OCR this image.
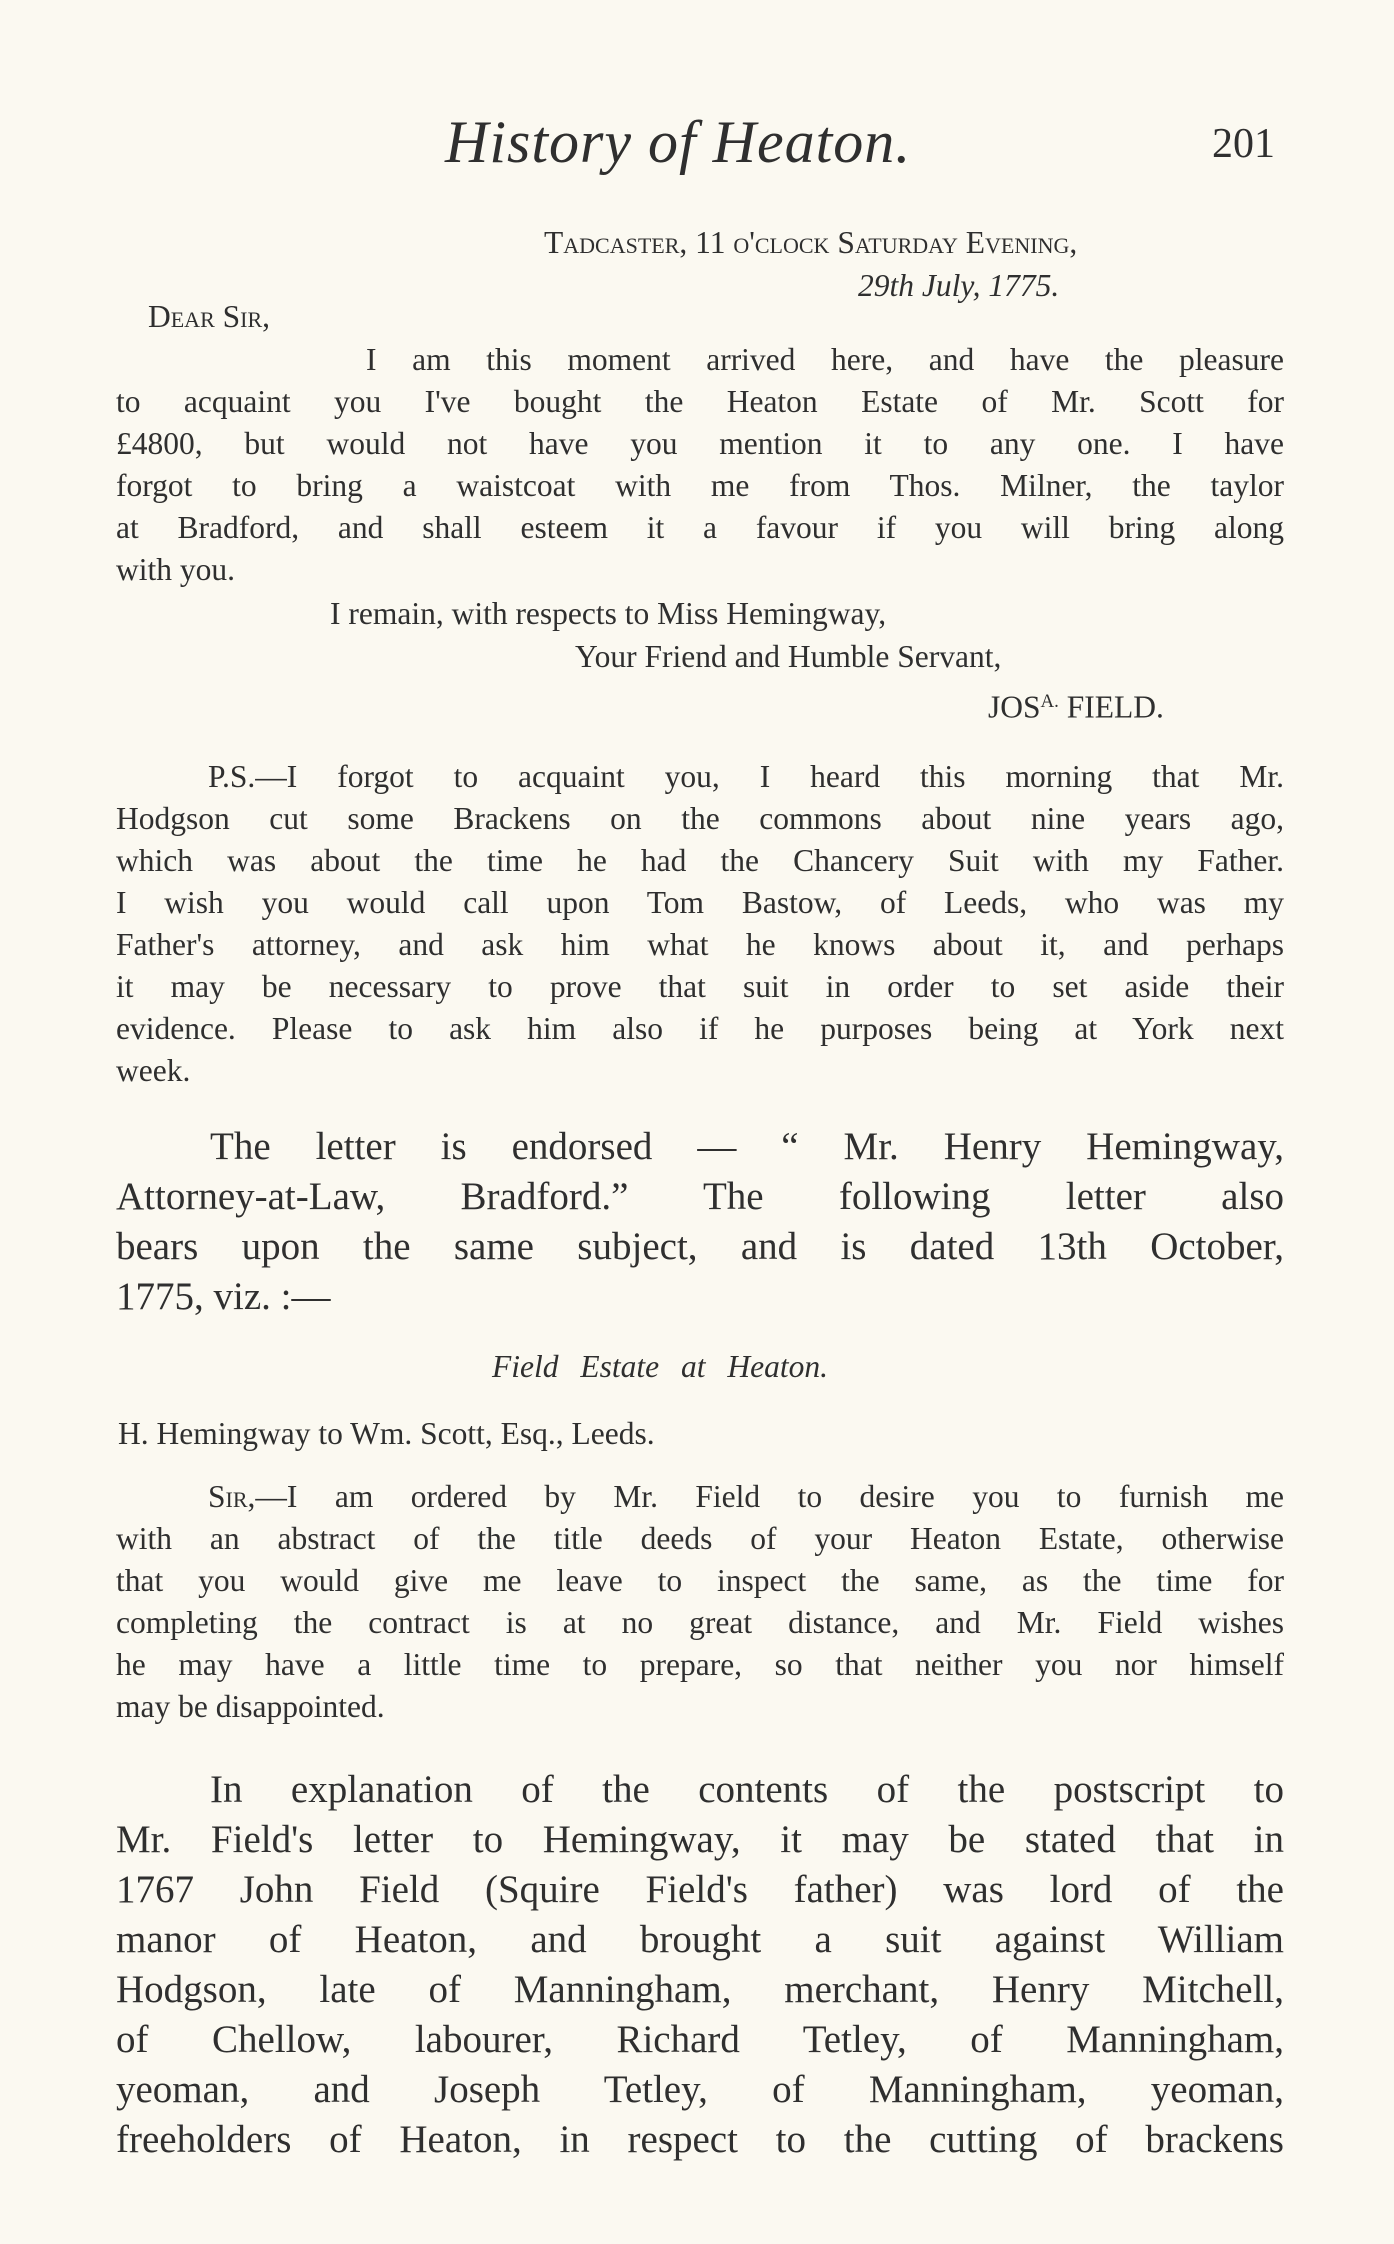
History of Heaton.	201
Tadcaster, 11 o'clock Saturday Evening,
29th July, 1775.
Dear Sir,
I am this moment arrived here, and have the pleasure
to acquaint you I've bought the Heaton Estate of Mr. Scott for
£4800, but would not have you mention it to any one. I have
forgot to bring a waistcoat with me from Thos. Milner, the taylor
at Bradford, and shall esteem it a favour if you will bring along
with you.
I remain, with respects to Miss Hemingway,
Your Friend and Humble Servant,
$JOS^{A.}$ FIELD.
P.S.—I forgot to acquaint you, I heard this morning that Mr.
Hodgson cut some Brackens on the commons about nine years ago,
which was about the time he had the Chancery Suit with my Father.
I wish you would call upon Tom Bastow, of Leeds, who was my
Father's attorney, and ask him what he knows about it, and perhaps
it may be necessary to prove that suit in order to set aside their
evidence. Please to ask him also if he purposes being at York next
week.
The letter is endorsed — “ Mr. Henry Hemingway,
Attorney-at-Law, Bradford.” The following letter also
bears upon the same subject, and is dated 13th October,
1775, viz. :—
Field Estate at Heaton.
H. Hemingway to Wm. Scott, Esq., Leeds.
Sir,—I am ordered by Mr. Field to desire you to furnish me
with an abstract of the title deeds of your Heaton Estate, otherwise
that you would give me leave to inspect the same, as the time for
completing the contract is at no great distance, and Mr. Field wishes
he may have a little time to prepare, so that neither you nor himself
may be disappointed.
In explanation of the contents of the postscript to
Mr. Field's letter to Hemingway, it may be stated that in
1767 John Field (Squire Field's father) was lord of the
manor of Heaton, and brought a suit against William
Hodgson, late of Manningham, merchant, Henry Mitchell,
of Chellow, labourer, Richard Tetley, of Manningham,
yeoman, and Joseph Tetley, of Manningham, yeoman,
freeholders of Heaton, in respect to the cutting of brackens
